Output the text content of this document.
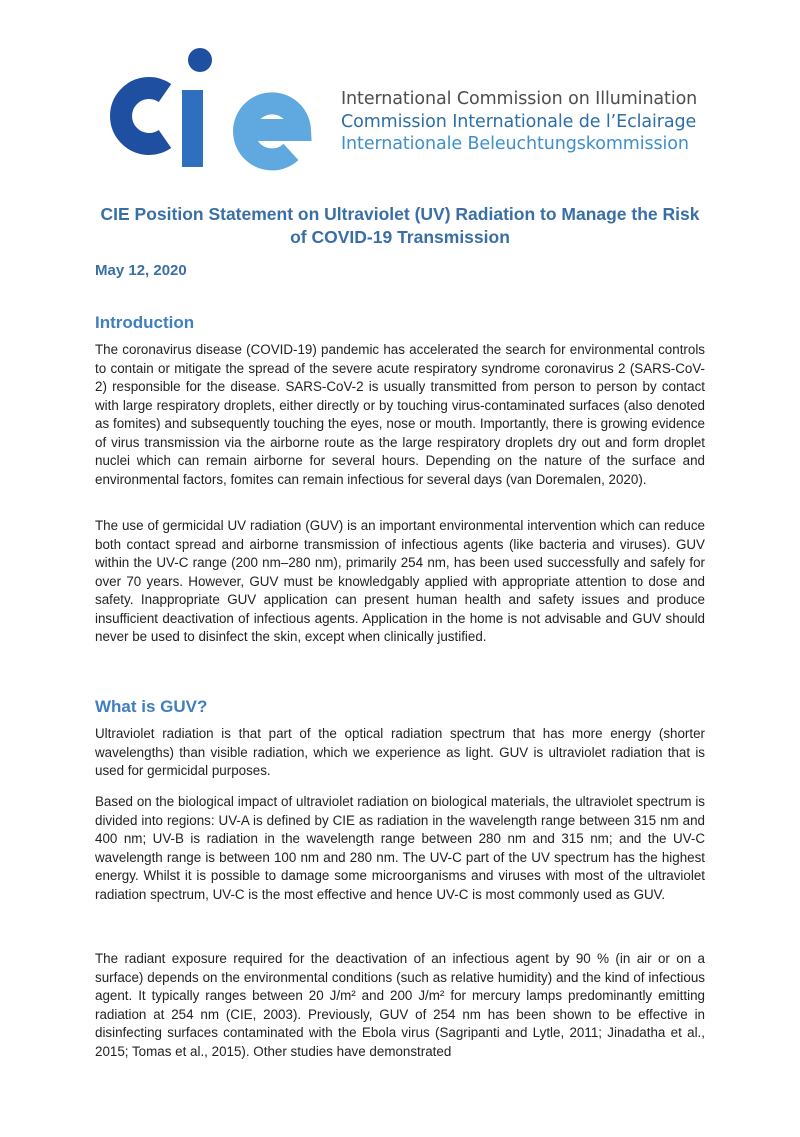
International Commission on Illumination
Commission Internationale de l’Eclairage
Internationale Beleuchtungskommission
CIE Position Statement on Ultraviolet (UV) Radiation to Manage the Risk of COVID-19 Transmission

May 12, 2020

Introduction

The coronavirus disease (COVID-19) pandemic has accelerated the search for environmental controls to contain or mitigate the spread of the severe acute respiratory syndrome coronavirus 2 (SARS-CoV-2) responsible for the disease. SARS-CoV-2 is usually transmitted from person to person by contact with large respiratory droplets, either directly or by touching virus-contaminated surfaces (also denoted as fomites) and subsequently touching the eyes, nose or mouth. Importantly, there is growing evidence of virus transmission via the airborne route as the large respiratory droplets dry out and form droplet nuclei which can remain airborne for several hours. Depending on the nature of the surface and environmental factors, fomites can remain infectious for several days (van Doremalen, 2020).

The use of germicidal UV radiation (GUV) is an important environmental intervention which can reduce both contact spread and airborne transmission of infectious agents (like bacteria and viruses). GUV within the UV-C range (200 nm–280 nm), primarily 254 nm, has been used successfully and safely for over 70 years. However, GUV must be knowledgably applied with appropriate attention to dose and safety. Inappropriate GUV application can present human health and safety issues and produce insufficient deactivation of infectious agents. Application in the home is not advisable and GUV should never be used to disinfect the skin, except when clinically justified.

What is GUV?

Ultraviolet radiation is that part of the optical radiation spectrum that has more energy (shorter wavelengths) than visible radiation, which we experience as light. GUV is ultraviolet radiation that is used for germicidal purposes.

Based on the biological impact of ultraviolet radiation on biological materials, the ultraviolet spectrum is divided into regions: UV-A is defined by CIE as radiation in the wavelength range between 315 nm and 400 nm; UV-B is radiation in the wavelength range between 280 nm and 315 nm; and the UV-C wavelength range is between 100 nm and 280 nm. The UV-C part of the UV spectrum has the highest energy. Whilst it is possible to damage some microorganisms and viruses with most of the ultraviolet radiation spectrum, UV-C is the most effective and hence UV-C is most commonly used as GUV.

The radiant exposure required for the deactivation of an infectious agent by 90 % (in air or on a surface) depends on the environmental conditions (such as relative humidity) and the kind of infectious agent. It typically ranges between 20 J/m² and 200 J/m² for mercury lamps predominantly emitting radiation at 254 nm (CIE, 2003). Previously, GUV of 254 nm has been shown to be effective in disinfecting surfaces contaminated with the Ebola virus (Sagripanti and Lytle, 2011; Jinadatha et al., 2015; Tomas et al., 2015). Other studies have demonstrated
